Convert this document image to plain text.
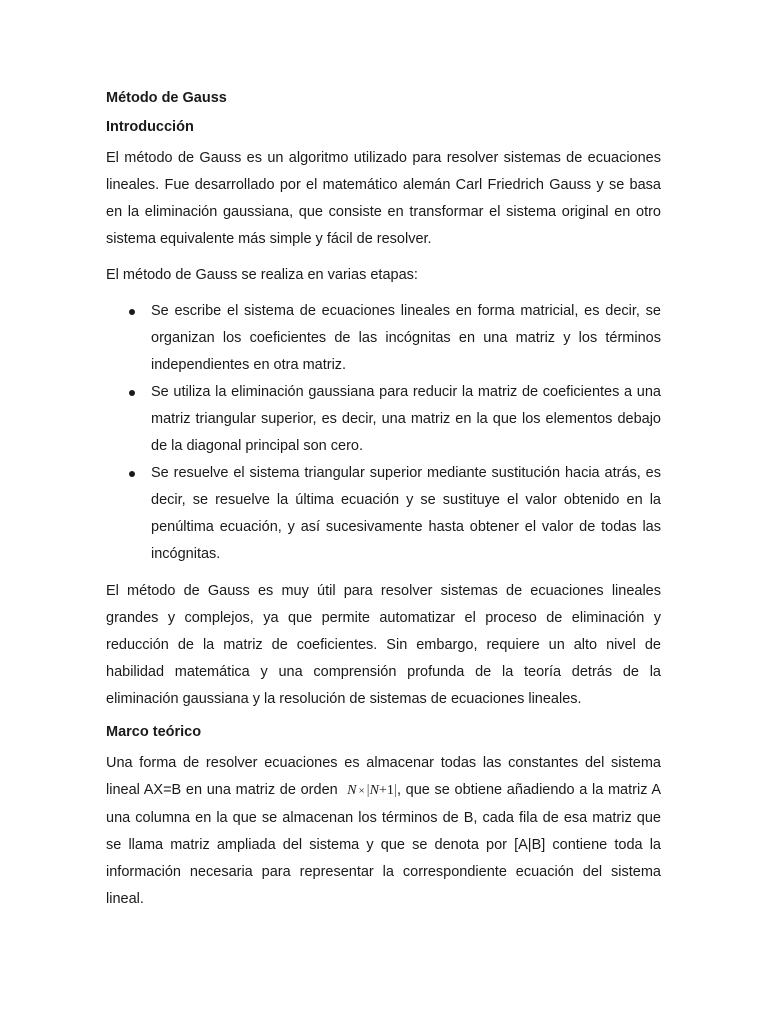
Método de Gauss

Introducción

El método de Gauss es un algoritmo utilizado para resolver sistemas de ecuaciones lineales. Fue desarrollado por el matemático alemán Carl Friedrich Gauss y se basa en la eliminación gaussiana, que consiste en transformar el sistema original en otro sistema equivalente más simple y fácil de resolver.

El método de Gauss se realiza en varias etapas:

Se escribe el sistema de ecuaciones lineales en forma matricial, es decir, se organizan los coeficientes de las incógnitas en una matriz y los términos independientes en otra matriz.
Se utiliza la eliminación gaussiana para reducir la matriz de coeficientes a una matriz triangular superior, es decir, una matriz en la que los elementos debajo de la diagonal principal son cero.
Se resuelve el sistema triangular superior mediante sustitución hacia atrás, es decir, se resuelve la última ecuación y se sustituye el valor obtenido en la penúltima ecuación, y así sucesivamente hasta obtener el valor de todas las incógnitas.

El método de Gauss es muy útil para resolver sistemas de ecuaciones lineales grandes y complejos, ya que permite automatizar el proceso de eliminación y reducción de la matriz de coeficientes. Sin embargo, requiere un alto nivel de habilidad matemática y una comprensión profunda de la teoría detrás de la eliminación gaussiana y la resolución de sistemas de ecuaciones lineales.

Marco teórico

Una forma de resolver ecuaciones es almacenar todas las constantes del sistema lineal AX=B en una matriz de orden N × |N+1|, que se obtiene añadiendo a la matriz A una columna en la que se almacenan los términos de B, cada fila de esa matriz que se llama matriz ampliada del sistema y que se denota por [A|B] contiene toda la información necesaria para representar la correspondiente ecuación del sistema lineal.
